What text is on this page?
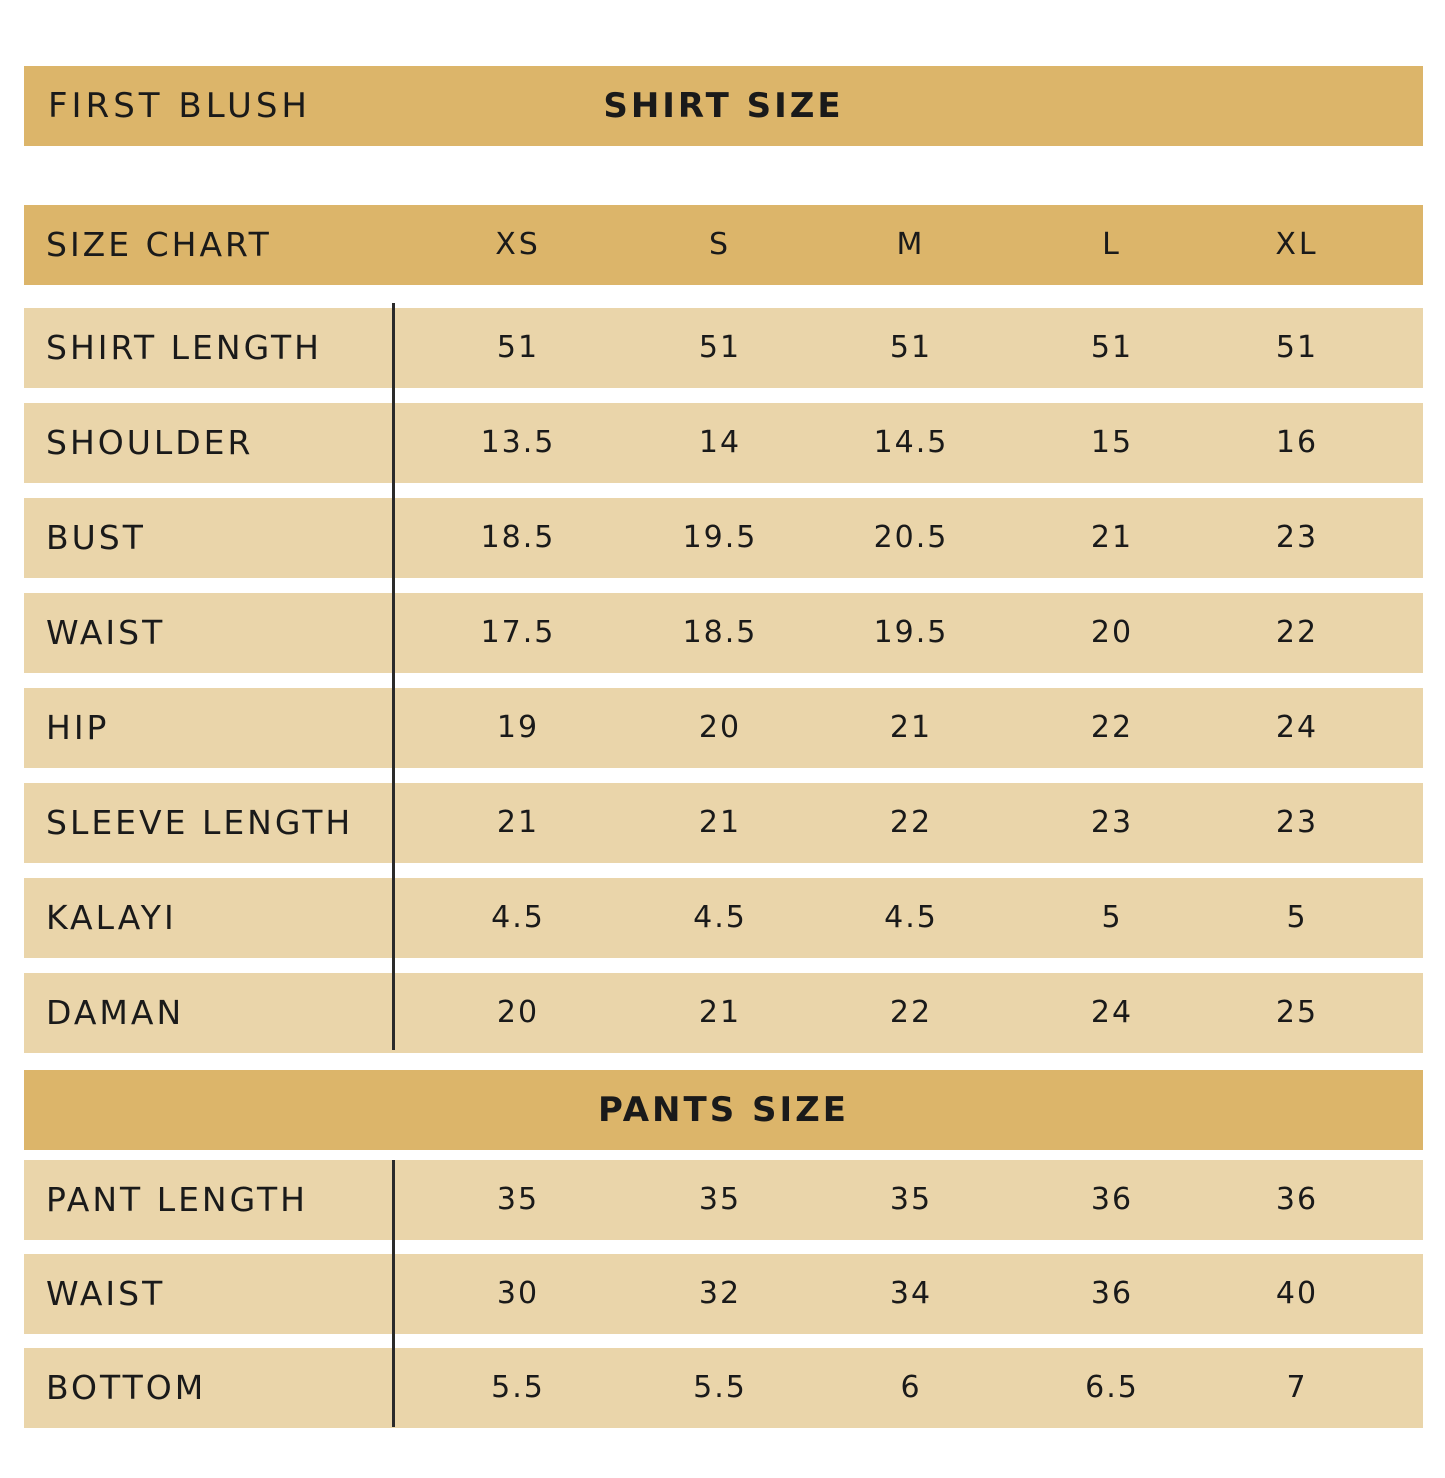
FIRST BLUSH	SHIRT SIZE
SIZE CHART	XS	S	M	L	XL
SHIRT LENGTH	51	51	51	51	51
SHOULDER	13.5	14	14.5	15	16
BUST	18.5	19.5	20.5	21	23
WAIST	17.5	18.5	19.5	20	22
HIP	19	20	21	22	24
SLEEVE LENGTH	21	21	22	23	23
KALAYI	4.5	4.5	4.5	5	5
DAMAN	20	21	22	24	25
PANTS SIZE
PANT LENGTH	35	35	35	36	36
WAIST	30	32	34	36	40
BOTTOM	5.5	5.5	6	6.5	7
